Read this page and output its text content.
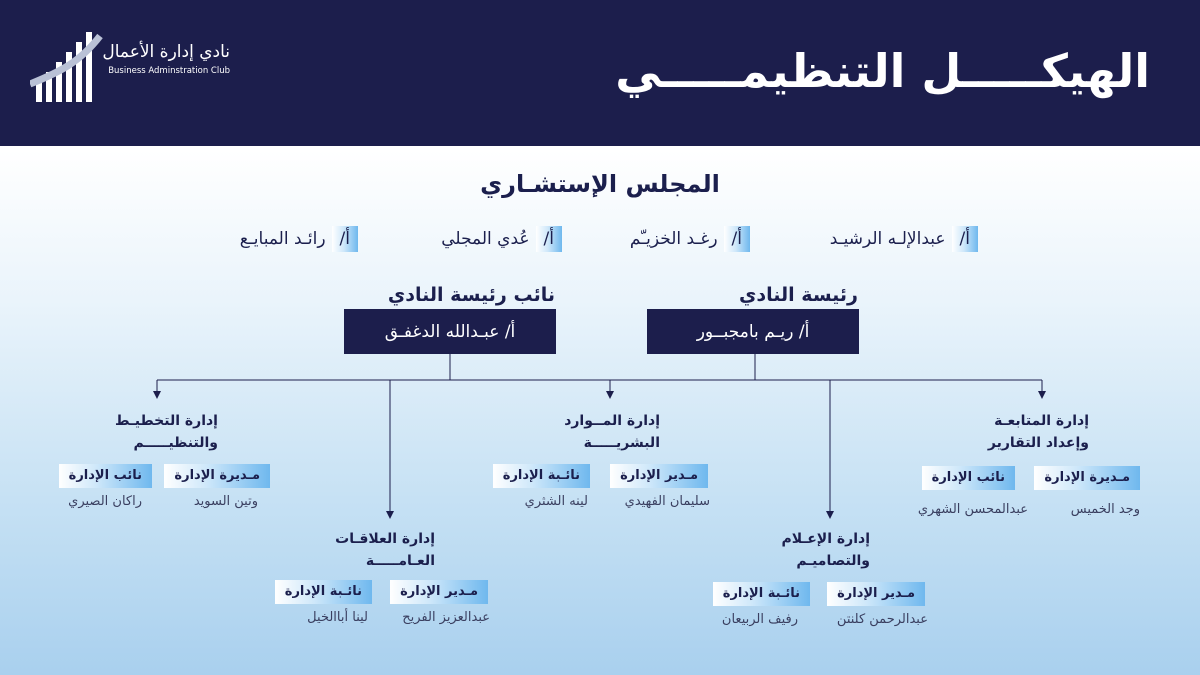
نادي إدارة الأعمال
Business Adminstration Club	الهيكـــــل التنظيمـــــي
المجلس الإستشـاري
أ/
عبدالإلـه الرشيـد
أ/
رغـد الخزيـّم
أ/
عُدي المجلي
أ/
رائـد المبايـع
رئيسة النادي
أ/ ريـم بامجبــور
نائب رئيسة النادي
أ/ عبـدالله الدغفـق
إدارة المتابعـة
وإعداد التقارير
مـديرة الإدارة
وجد الخميس
نائب الإدارة
عبدالمحسن الشهري
إدارة الإعـلام
والتصاميـم
مـدير الإدارة
عبدالرحمن كلنتن
نائـبة الإدارة
رفيف الربيعان
إدارة المــوارد
البشريـــــة
مـدير الإدارة
سليمان الفهيدي
نائـبة الإدارة
لينه الشثري
إدارة العلاقـات
العـامـــــة
مـدير الإدارة
عبدالعزيز الفريح
نائـبة الإدارة
لينا أباالخيل
إدارة التخطيـط
والتنظيـــــم
مـديرة الإدارة
وتين السويد
نائب الإدارة
راكان الصيري
